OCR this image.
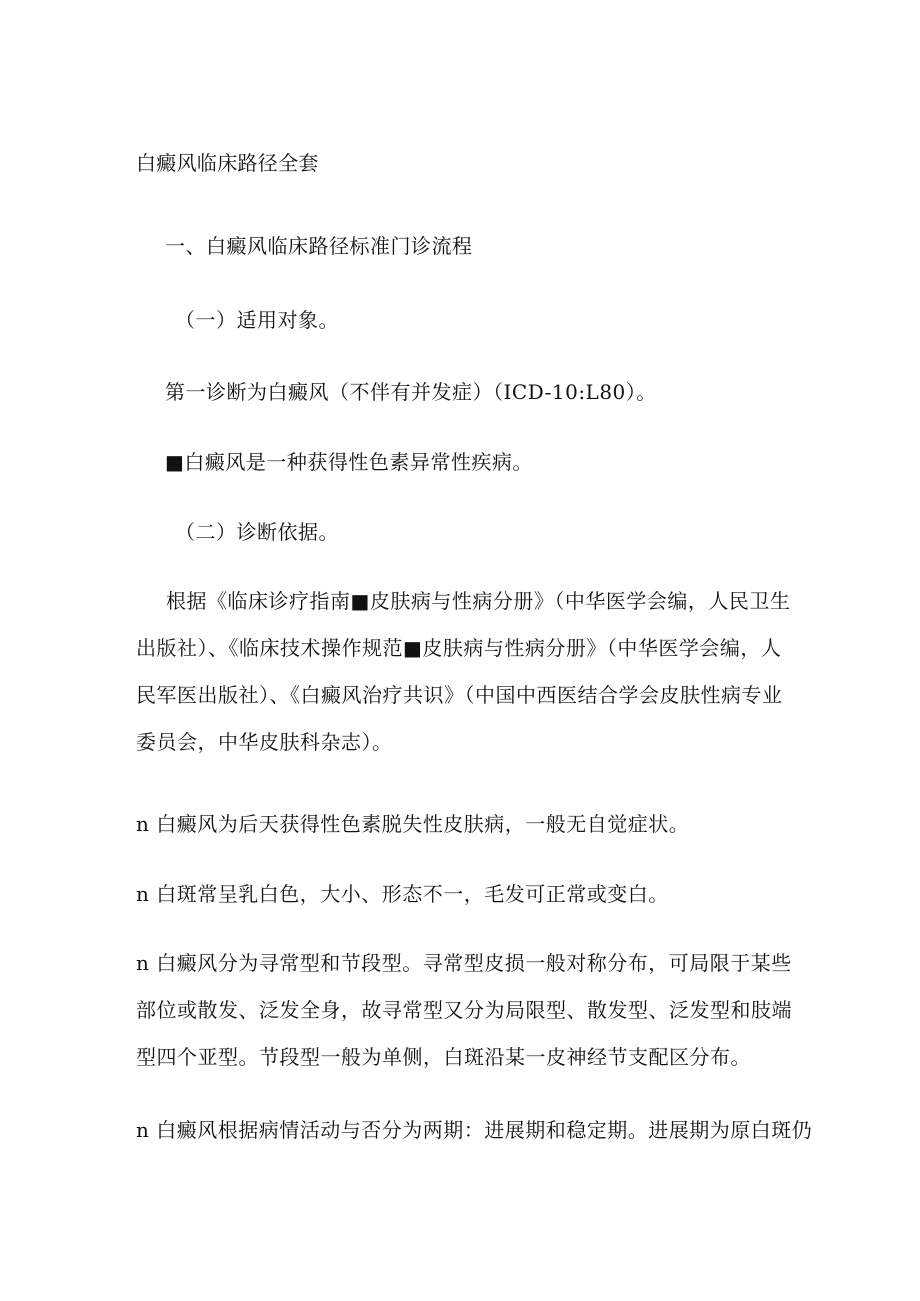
白癜风临床路径全套
一、白癜风临床路径标准门诊流程
（一）适用对象。
第一诊断为白癜风（不伴有并发症）（ICD-10:L80）。
■白癜风是一种获得性色素异常性疾病。
（二）诊断依据。
根据《临床诊疗指南■皮肤病与性病分册》（中华医学会编，人民卫生出版社）、《临床技术操作规范■皮肤病与性病分册》（中华医学会编，人民军医出版社）、《白癜风治疗共识》（中国中西医结合学会皮肤性病专业委员会，中华皮肤科杂志）。
n 白癜风为后天获得性色素脱失性皮肤病，一般无自觉症状。
n 白斑常呈乳白色，大小、形态不一，毛发可正常或变白。
n 白癜风分为寻常型和节段型。寻常型皮损一般对称分布，可局限于某些部位或散发、泛发全身，故寻常型又分为局限型、散发型、泛发型和肢端型四个亚型。节段型一般为单侧，白斑沿某一皮神经节支配区分布。
n 白癜风根据病情活动与否分为两期：进展期和稳定期。进展期为原白斑仍
